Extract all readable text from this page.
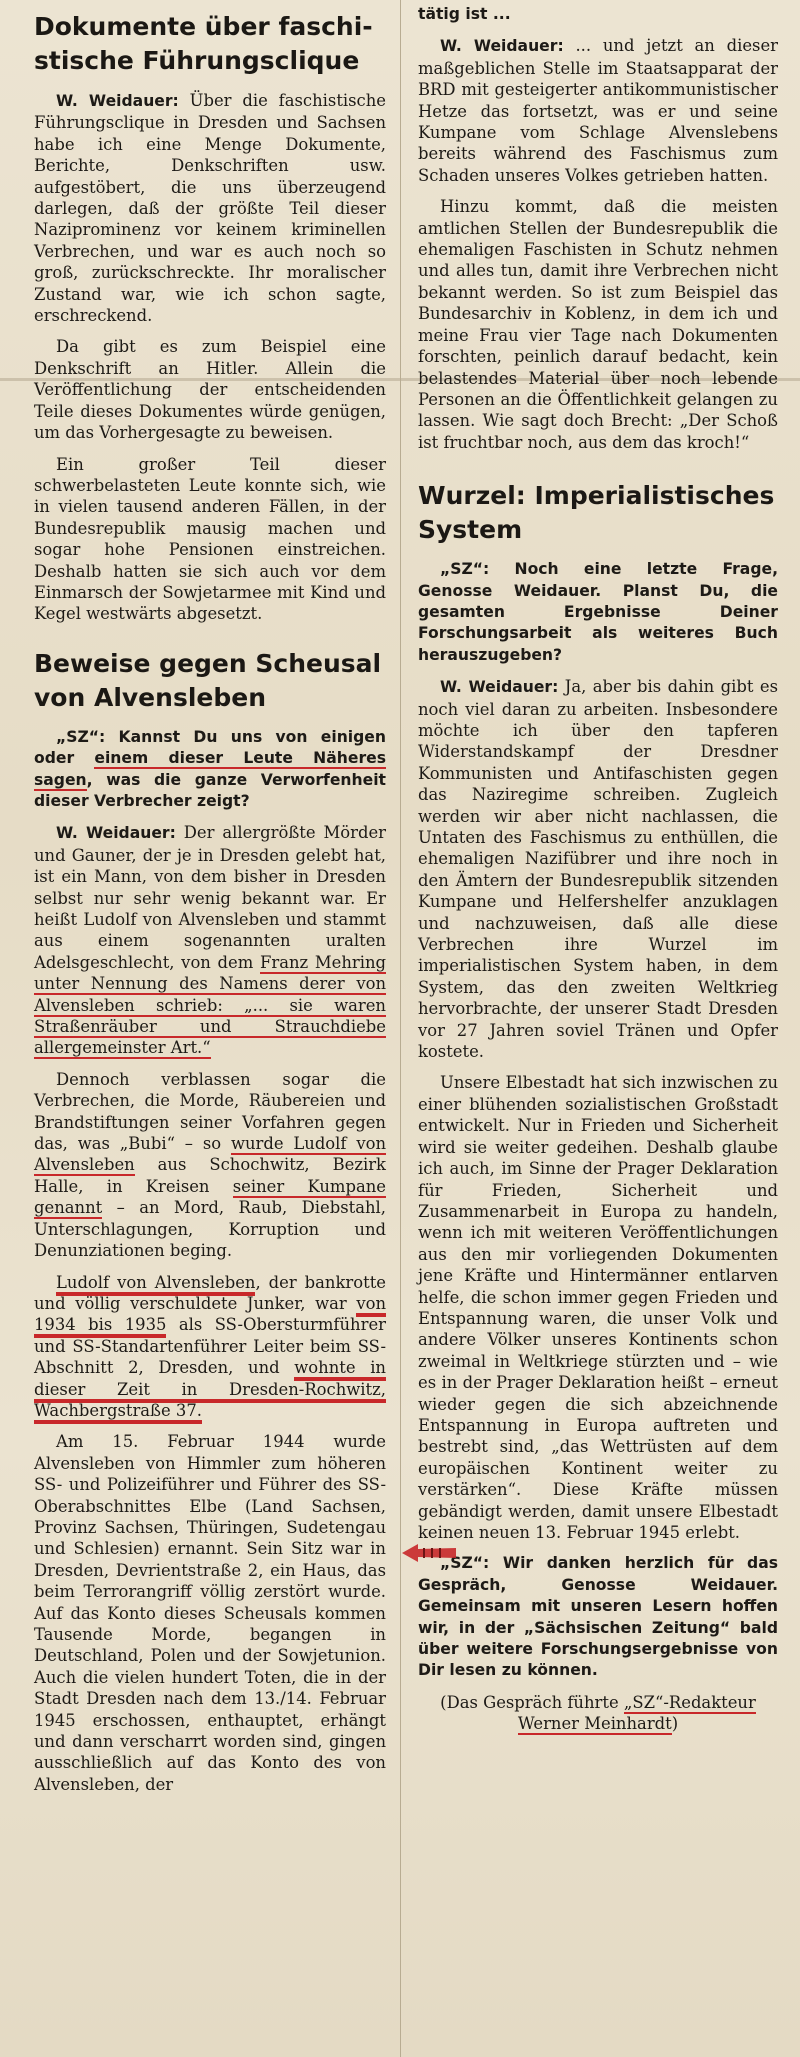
Dokumente über faschi-stische Führungsclique

W. Weidauer: Über die faschistische Führungsclique in Dresden und Sachsen habe ich eine Menge Dokumente, Berichte, Denkschriften usw. aufgestöbert, die uns überzeugend darlegen, daß der größte Teil dieser Naziprominenz vor keinem kriminellen Verbrechen, und war es auch noch so groß, zurückschreckte. Ihr moralischer Zustand war, wie ich schon sagte, erschreckend.

Da gibt es zum Beispiel eine Denkschrift an Hitler. Allein die Veröffentlichung der entscheidenden Teile dieses Dokumentes würde genügen, um das Vorhergesagte zu beweisen.

Ein großer Teil dieser schwerbelasteten Leute konnte sich, wie in vielen tausend anderen Fällen, in der Bundesrepublik mausig machen und sogar hohe Pensionen einstreichen. Deshalb hatten sie sich auch vor dem Einmarsch der Sowjetarmee mit Kind und Kegel westwärts abgesetzt.

Beweise gegen Scheusal von Alvensleben

„SZ“: Kannst Du uns von einigen oder einem dieser Leute Näheres sagen, was die ganze Verworfenheit dieser Verbrecher zeigt?

W. Weidauer: Der allergrößte Mörder und Gauner, der je in Dresden gelebt hat, ist ein Mann, von dem bisher in Dresden selbst nur sehr wenig bekannt war. Er heißt Ludolf von Alvensleben und stammt aus einem sogenannten uralten Adelsgeschlecht, von dem Franz Mehring unter Nennung des Namens derer von Alvensleben schrieb: „... sie waren Straßenräuber und Strauchdiebe allergemeinster Art.“

Dennoch verblassen sogar die Verbrechen, die Morde, Räubereien und Brandstiftungen seiner Vorfahren gegen das, was „Bubi“ – so wurde Ludolf von Alvensleben aus Schochwitz, Bezirk Halle, in Kreisen seiner Kumpane genannt – an Mord, Raub, Diebstahl, Unterschlagungen, Korruption und Denunziationen beging.

Ludolf von Alvensleben, der bankrotte und völlig verschuldete Junker, war von 1934 bis 1935 als SS-Obersturmführer und SS-Standartenführer Leiter beim SS-Abschnitt 2, Dresden, und wohnte in dieser Zeit in Dresden-Rochwitz, Wachbergstraße 37.

Am 15. Februar 1944 wurde Alvensleben von Himmler zum höheren SS- und Polizeiführer und Führer des SS-Oberabschnittes Elbe (Land Sachsen, Provinz Sachsen, Thüringen, Sudetengau und Schlesien) ernannt. Sein Sitz war in Dresden, Devrientstraße 2, ein Haus, das beim Terrorangriff völlig zerstört wurde. Auf das Konto dieses Scheusals kommen Tausende Morde, begangen in Deutschland, Polen und der Sowjetunion. Auch die vielen hundert Toten, die in der Stadt Dresden nach dem 13./14. Februar 1945 erschossen, enthauptet, erhängt und dann verscharrt worden sind, gingen ausschließlich auf das Konto des von Alvensleben, der

tätig ist ...

W. Weidauer: ... und jetzt an dieser maßgeblichen Stelle im Staatsapparat der BRD mit gesteigerter antikommunistischer Hetze das fortsetzt, was er und seine Kumpane vom Schlage Alvenslebens bereits während des Faschismus zum Schaden unseres Volkes getrieben hatten.

Hinzu kommt, daß die meisten amtlichen Stellen der Bundesrepublik die ehemaligen Faschisten in Schutz nehmen und alles tun, damit ihre Verbrechen nicht bekannt werden. So ist zum Beispiel das Bundesarchiv in Koblenz, in dem ich und meine Frau vier Tage nach Dokumenten forschten, peinlich darauf bedacht, kein belastendes Material über noch lebende Personen an die Öffentlichkeit gelangen zu lassen. Wie sagt doch Brecht: „Der Schoß ist fruchtbar noch, aus dem das kroch!“

Wurzel: Imperialistisches System

„SZ“: Noch eine letzte Frage, Genosse Weidauer. Planst Du, die gesamten Ergebnisse Deiner Forschungsarbeit als weiteres Buch herauszugeben?

W. Weidauer: Ja, aber bis dahin gibt es noch viel daran zu arbeiten. Insbesondere möchte ich über den tapferen Widerstandskampf der Dresdner Kommunisten und Antifaschisten gegen das Naziregime schreiben. Zugleich werden wir aber nicht nachlassen, die Untaten des Faschismus zu enthüllen, die ehemaligen Nazifübrer und ihre noch in den Ämtern der Bundesrepublik sitzenden Kumpane und Helfershelfer anzuklagen und nachzuweisen, daß alle diese Verbrechen ihre Wurzel im imperialistischen System haben, in dem System, das den zweiten Weltkrieg hervorbrachte, der unserer Stadt Dresden vor 27 Jahren soviel Tränen und Opfer kostete.

Unsere Elbestadt hat sich inzwischen zu einer blühenden sozialistischen Großstadt entwickelt. Nur in Frieden und Sicherheit wird sie weiter gedeihen. Deshalb glaube ich auch, im Sinne der Prager Deklaration für Frieden, Sicherheit und Zusammenarbeit in Europa zu handeln, wenn ich mit weiteren Veröffentlichungen aus den mir vorliegenden Dokumenten jene Kräfte und Hintermänner entlarven helfe, die schon immer gegen Frieden und Entspannung waren, die unser Volk und andere Völker unseres Kontinents schon zweimal in Weltkriege stürzten und – wie es in der Prager Deklaration heißt – erneut wieder gegen die sich abzeichnende Entspannung in Europa auftreten und bestrebt sind, „das Wettrüsten auf dem europäischen Kontinent weiter zu verstärken“. Diese Kräfte müssen gebändigt werden, damit unsere Elbestadt keinen neuen 13. Februar 1945 erlebt.

„SZ“: Wir danken herzlich für das Gespräch, Genosse Weidauer. Gemeinsam mit unseren Lesern hoffen wir, in der „Sächsischen Zeitung“ bald über weitere Forschungsergebnisse von Dir lesen zu können.

(Das Gespräch führte „SZ“-Redakteur Werner Meinhardt)
